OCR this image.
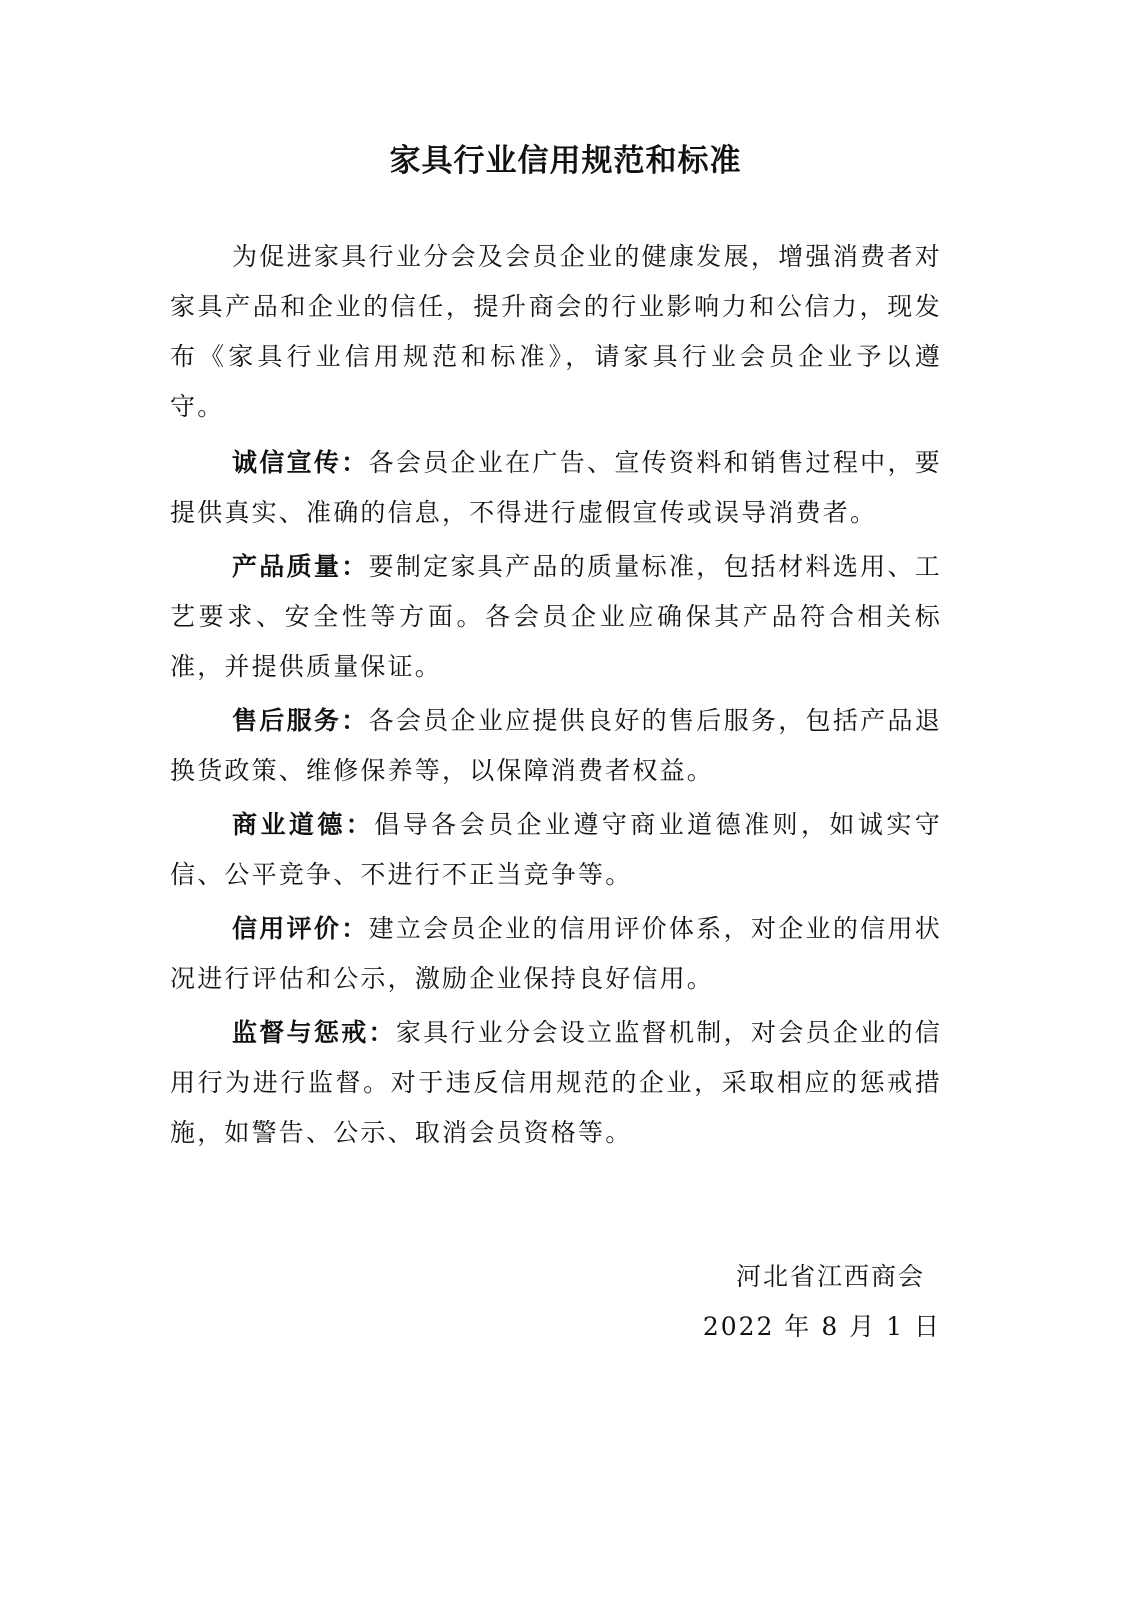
家具行业信用规范和标准

为促进家具行业分会及会员企业的健康发展，增强消费者对家具产品和企业的信任，提升商会的行业影响力和公信力，现发布《家具行业信用规范和标准》，请家具行业会员企业予以遵守。

诚信宣传：各会员企业在广告、宣传资料和销售过程中，要提供真实、准确的信息，不得进行虚假宣传或误导消费者。

产品质量：要制定家具产品的质量标准，包括材料选用、工艺要求、安全性等方面。各会员企业应确保其产品符合相关标准，并提供质量保证。

售后服务：各会员企业应提供良好的售后服务，包括产品退换货政策、维修保养等，以保障消费者权益。

商业道德：倡导各会员企业遵守商业道德准则，如诚实守信、公平竞争、不进行不正当竞争等。

信用评价：建立会员企业的信用评价体系，对企业的信用状况进行评估和公示，激励企业保持良好信用。

监督与惩戒：家具行业分会设立监督机制，对会员企业的信用行为进行监督。对于违反信用规范的企业，采取相应的惩戒措施，如警告、公示、取消会员资格等。

河北省江西商会
2022 年 8 月 1 日
